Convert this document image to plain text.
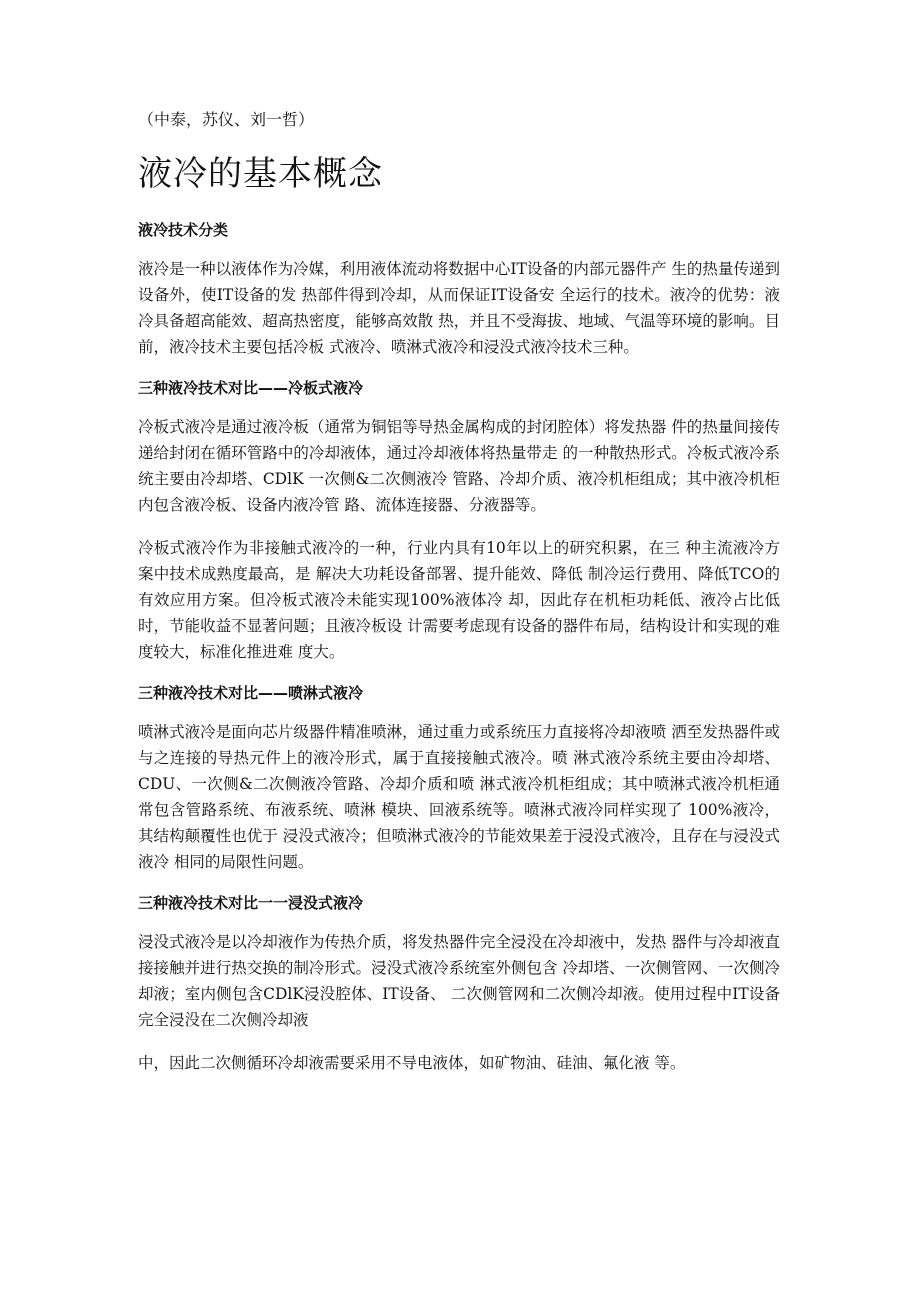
（中泰，苏仪、刘一哲）

液冷的基本概念
液冷技术分类

液冷是一种以液体作为冷媒，利用液体流动将数据中心IT设备的内部元器件产 生的热量传递到设备外，使IT设备的发 热部件得到冷却，从而保证IT设备安 全运行的技术。液冷的优势：液冷具备超高能效、超高热密度，能够高效散 热，并且不受海拔、地域、气温等环境的影响。目前，液冷技术主要包括冷板 式液冷、喷淋式液冷和浸没式液冷技术三种。

三种液冷技术对比——冷板式液冷

冷板式液冷是通过液冷板（通常为铜铝等导热金属构成的封闭腔体）将发热器 件的热量间接传递给封闭在循环管路中的冷却液体，通过冷却液体将热量带走 的一种散热形式。冷板式液冷系统主要由冷却塔、CDlK 一次侧&二次侧液冷 管路、冷却介质、液冷机柜组成；其中液冷机柜内包含液冷板、设备内液冷管 路、流体连接器、分液器等。

冷板式液冷作为非接触式液冷的一种，行业内具有10年以上的研究积累，在三 种主流液冷方案中技术成熟度最高，是 解决大功耗设备部署、提升能效、降低 制冷运行费用、降低TCO的有效应用方案。但冷板式液冷未能实现100%液体冷 却，因此存在机柜功耗低、液冷占比低时，节能收益不显著问题；且液冷板设 计需要考虑现有设备的器件布局，结构设计和实现的难度较大，标准化推进难 度大。

三种液冷技术对比——喷淋式液冷

喷淋式液冷是面向芯片级器件精准喷淋，通过重力或系统压力直接将冷却液喷 洒至发热器件或与之连接的导热元件上的液冷形式，属于直接接触式液冷。喷 淋式液冷系统主要由冷却塔、CDU、一次侧&二次侧液冷管路、冷却介质和喷 淋式液冷机柜组成；其中喷淋式液冷机柜通常包含管路系统、布液系统、喷淋 模块、回液系统等。喷淋式液冷同样实现了 100%液冷，其结构颠覆性也优于 浸没式液冷；但喷淋式液冷的节能效果差于浸没式液冷，且存在与浸没式液冷 相同的局限性问题。

三种液冷技术对比一一浸没式液冷

浸没式液冷是以冷却液作为传热介质，将发热器件完全浸没在冷却液中，发热 器件与冷却液直接接触并进行热交换的制冷形式。浸没式液冷系统室外侧包含 冷却塔、一次侧管网、一次侧冷却液；室内侧包含CDlK浸没腔体、IT设备、 二次侧管网和二次侧冷却液。使用过程中IT设备完全浸没在二次侧冷却液

中，因此二次侧循环冷却液需要采用不导电液体，如矿物油、硅油、氟化液 等。
